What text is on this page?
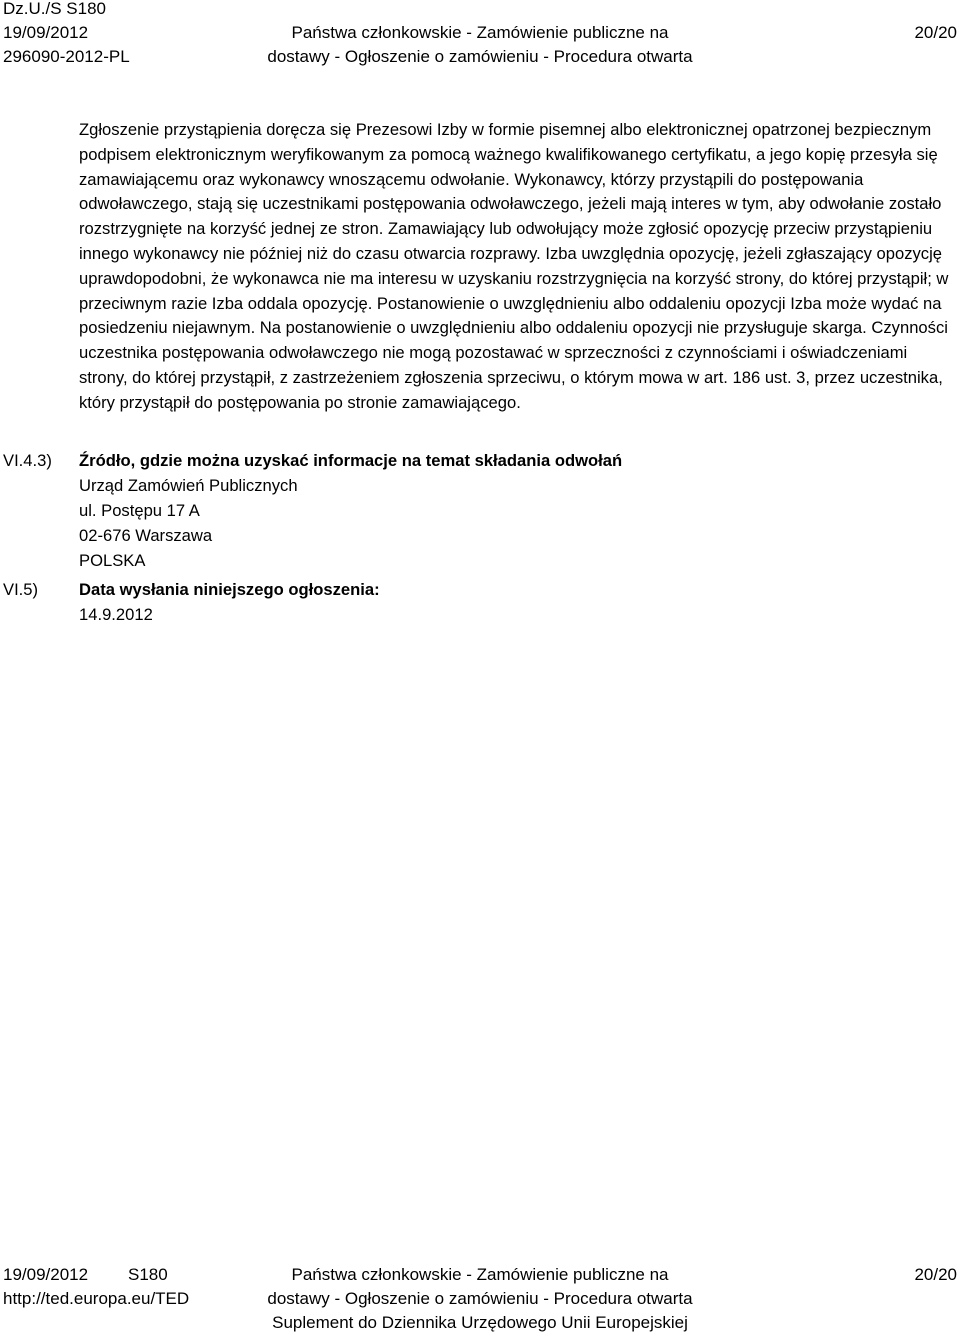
Dz.U./S S180
19/09/2012
296090-2012-PL
Państwa członkowskie - Zamówienie publiczne na
dostawy - Ogłoszenie o zamówieniu - Procedura otwarta
20/20

Zgłoszenie przystąpienia doręcza się Prezesowi Izby w formie pisemnej albo elektronicznej opatrzonej bezpiecznym podpisem elektronicznym weryfikowanym za pomocą ważnego kwalifikowanego certyfikatu, a jego kopię przesyła się zamawiającemu oraz wykonawcy wnoszącemu odwołanie. Wykonawcy, którzy przystąpili do postępowania odwoławczego, stają się uczestnikami postępowania odwoławczego, jeżeli mają interes w tym, aby odwołanie zostało rozstrzygnięte na korzyść jednej ze stron. Zamawiający lub odwołujący może zgłosić opozycję przeciw przystąpieniu innego wykonawcy nie później niż do czasu otwarcia rozprawy. Izba uwzględnia opozycję, jeżeli zgłaszający opozycję uprawdopodobni, że wykonawca nie ma interesu w uzyskaniu rozstrzygnięcia na korzyść strony, do której przystąpił; w przeciwnym razie Izba oddala opozycję. Postanowienie o uwzględnieniu albo oddaleniu opozycji Izba może wydać na posiedzeniu niejawnym. Na postanowienie o uwzględnieniu albo oddaleniu opozycji nie przysługuje skarga. Czynności uczestnika postępowania odwoławczego nie mogą pozostawać w sprzeczności z czynnościami i oświadczeniami strony, do której przystąpił, z zastrzeżeniem zgłoszenia sprzeciwu, o którym mowa w art. 186 ust. 3, przez uczestnika, który przystąpił do postępowania po stronie zamawiającego.

VI.4.3) Źródło, gdzie można uzyskać informacje na temat składania odwołań
Urząd Zamówień Publicznych
ul. Postępu 17 A
02-676 Warszawa
POLSKA
VI.5) Data wysłania niniejszego ogłoszenia:
14.9.2012
19/09/2012 S180
http://ted.europa.eu/TED
Państwa członkowskie - Zamówienie publiczne na
dostawy - Ogłoszenie o zamówieniu - Procedura otwarta
Suplement do Dziennika Urzędowego Unii Europejskiej
20/20
